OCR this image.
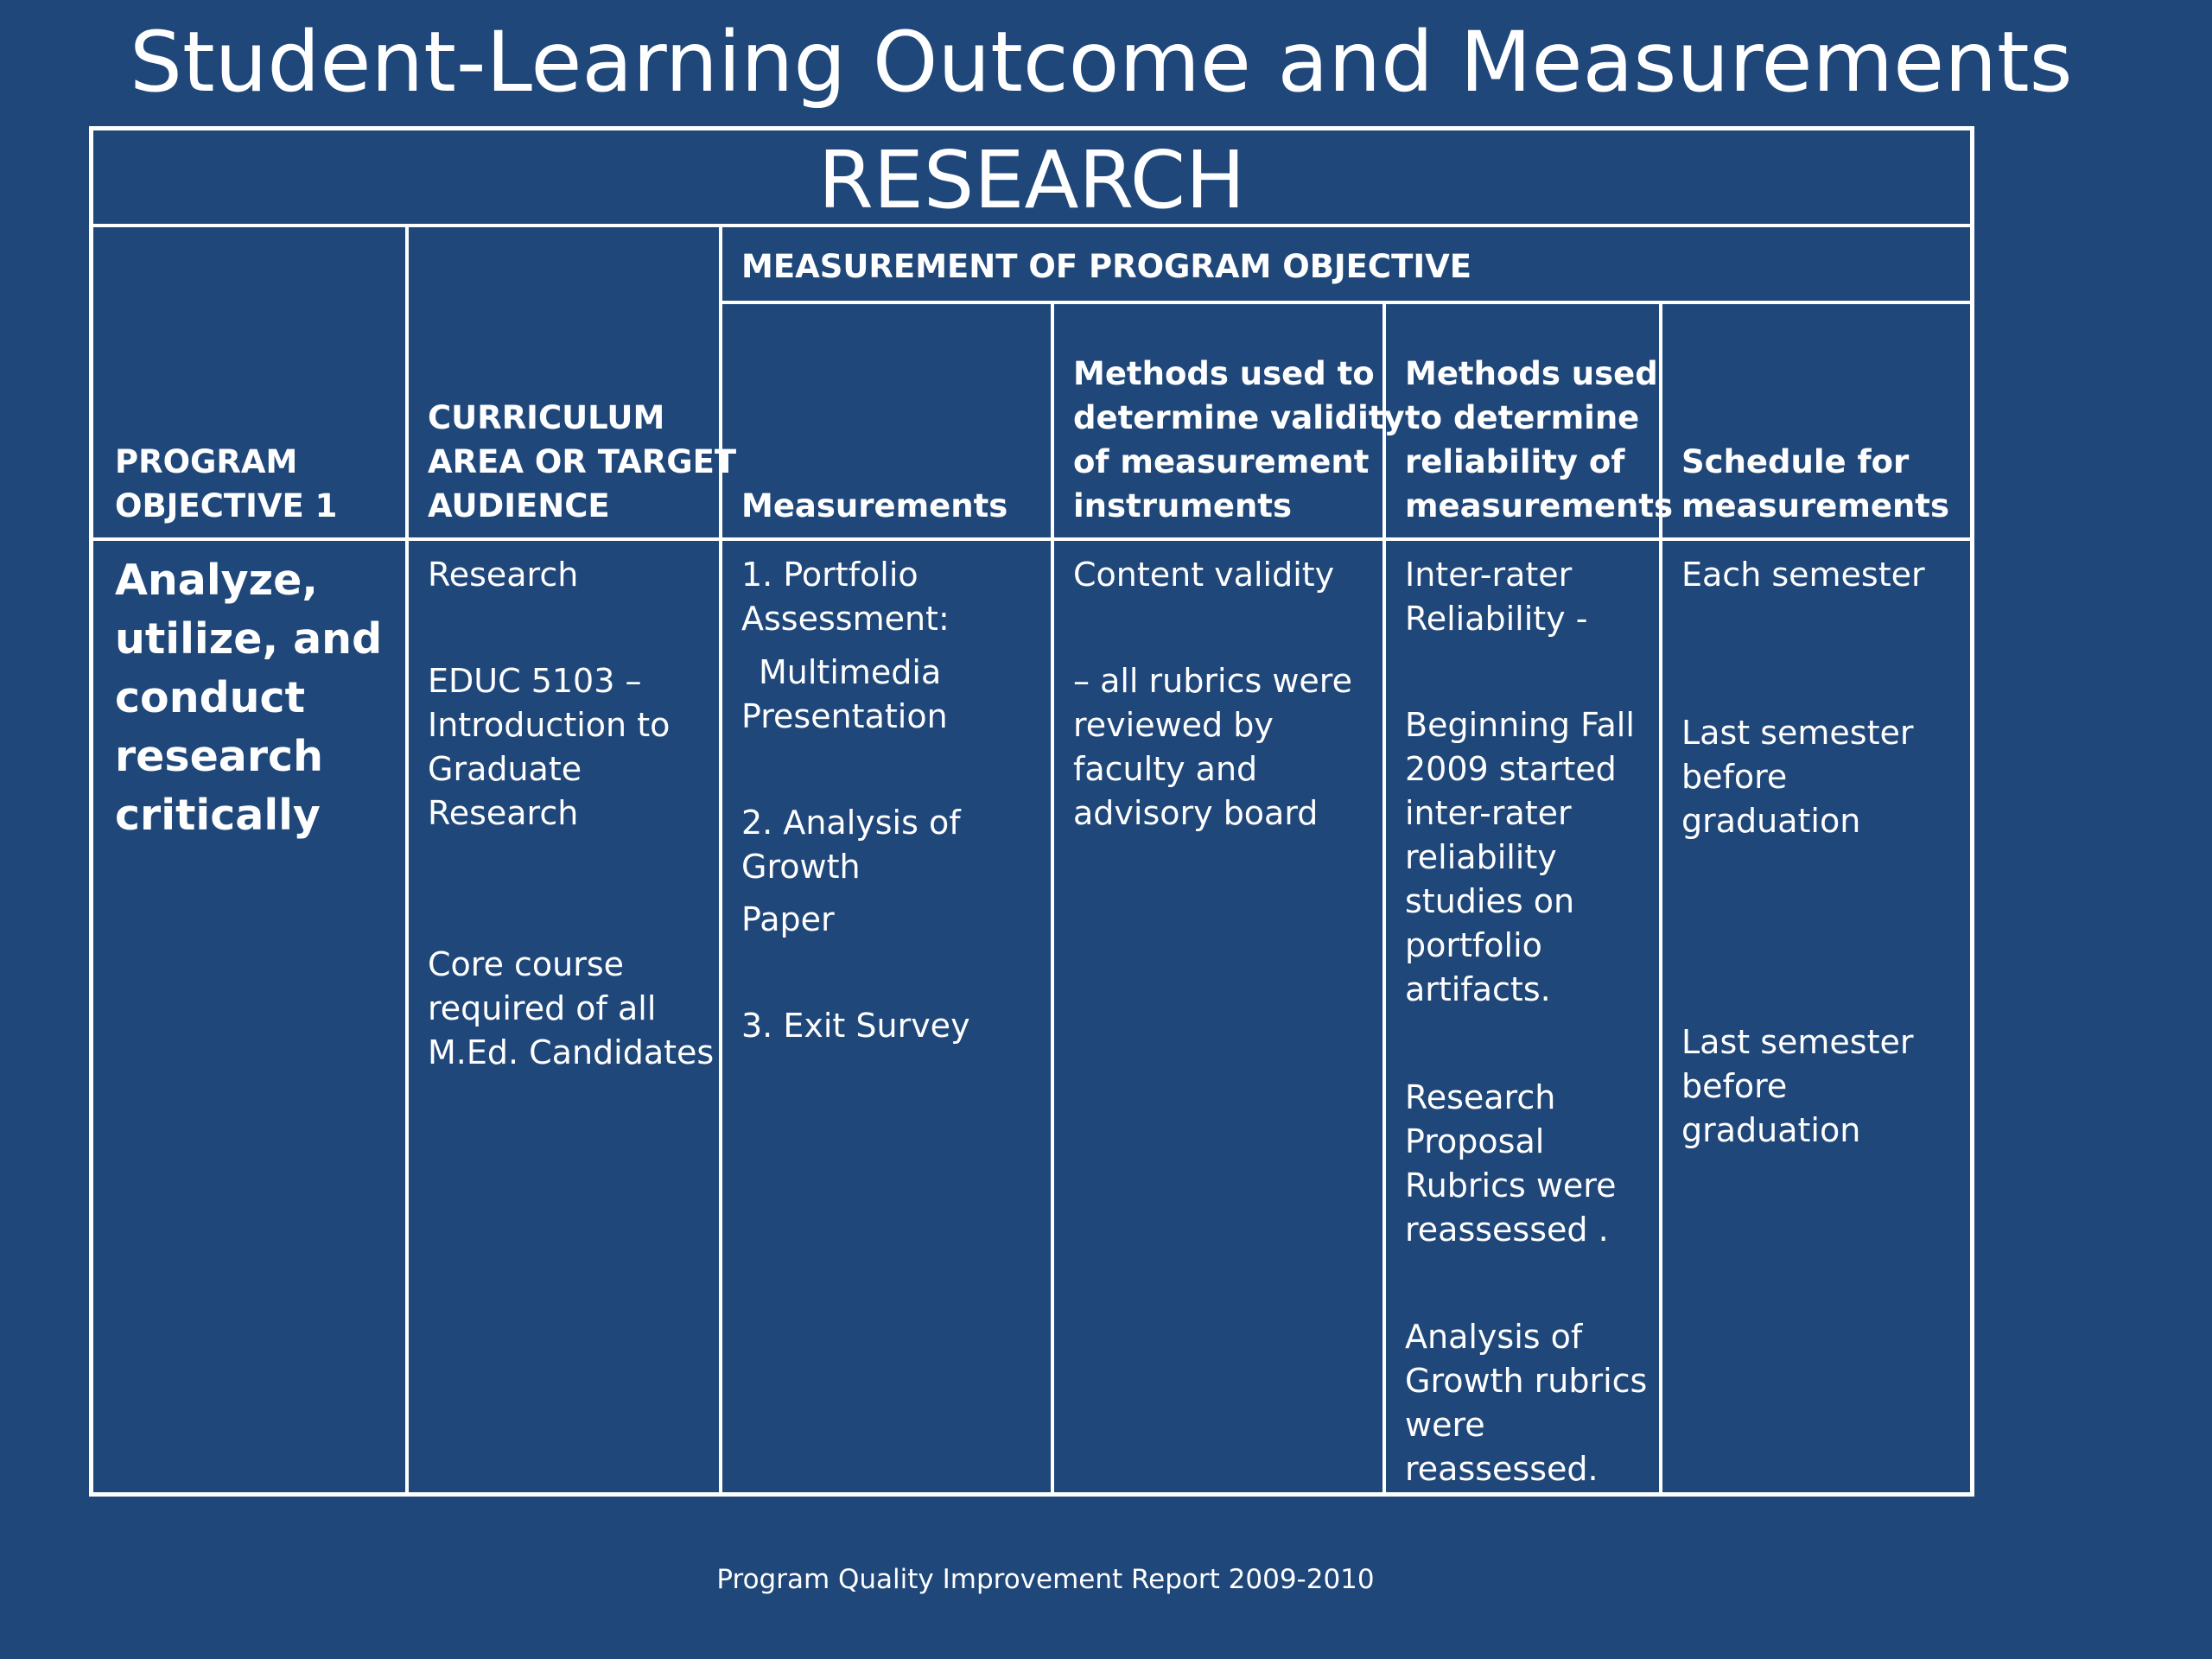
Student-Learning Outcome and Measurements
RESEARCH
MEASUREMENT OF PROGRAM OBJECTIVE
PROGRAM
OBJECTIVE 1
CURRICULUM
AREA OR TARGET
AUDIENCE	Measurements
Methods used to
determine validity
of measurement
instruments
Methods used
to determine
reliability of
measurements
Schedule for
measurements
Analyze,
utilize, and
conduct
research
critically
Research
EDUC 5103 –
Introduction to
Graduate
Research
Core course
required of all
M.Ed. Candidates
1. Portfolio
Assessment:
Multimedia
Presentation
2. Analysis of
Growth
Paper
3. Exit Survey
Content validity
– all rubrics were
reviewed by
faculty and
advisory board
Inter-rater
Reliability -
Beginning Fall
2009 started
inter-rater
reliability
studies on
portfolio
artifacts.
Research
Proposal
Rubrics were
reassessed .
Analysis of
Growth rubrics
were
reassessed.
Each semester
Last semester
before graduation
Last semester
before graduation
Program Quality Improvement Report 2009-2010
